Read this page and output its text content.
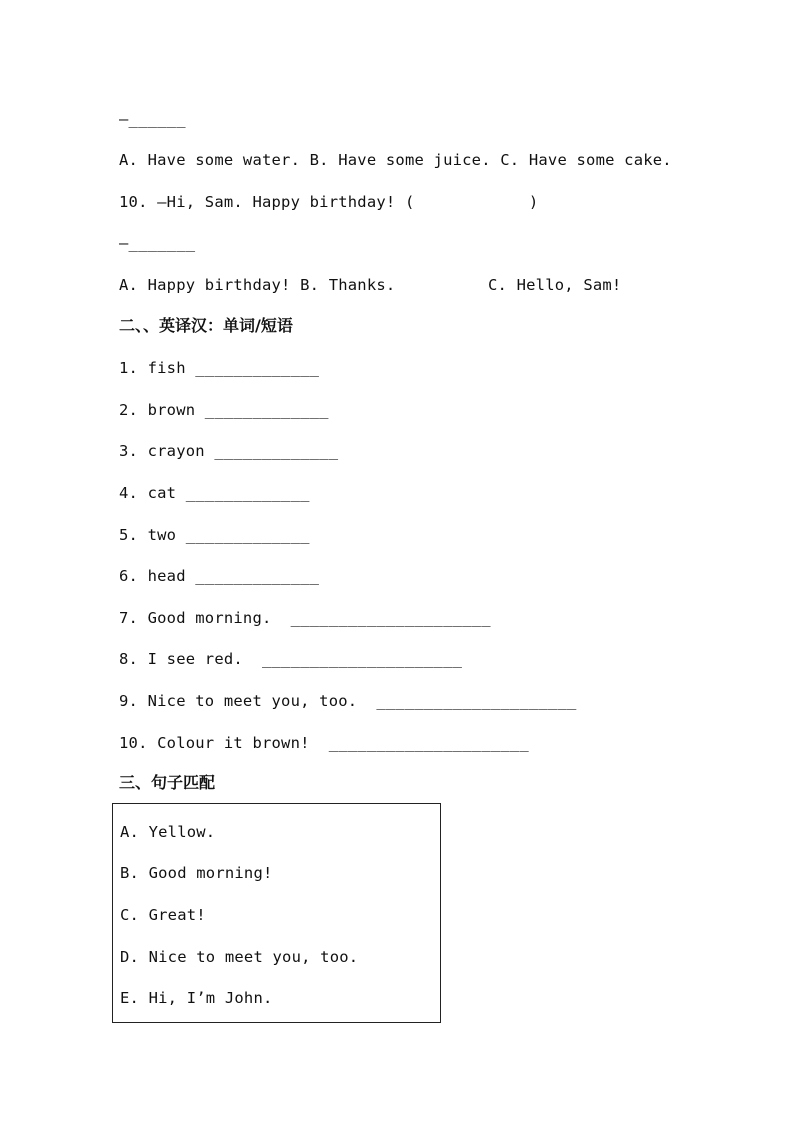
—______
A. Have some water. B. Have some juice. C. Have some cake.
10. —Hi, Sam. Happy birthday! (            )
—_______
A. Happy birthday! B. Thanks.	C. Hello, Sam!
二、、英译汉：单词/短语
1. fish _____________
2. brown _____________
3. crayon _____________
4. cat _____________
5. two _____________
6. head _____________
7. Good morning.  _____________________
8. I see red.  _____________________
9. Nice to meet you, too.  _____________________
10. Colour it brown!  _____________________
三、句子匹配
A. Yellow.
B. Good morning!
C. Great!
D. Nice to meet you, too.
E. Hi, I’m John.
